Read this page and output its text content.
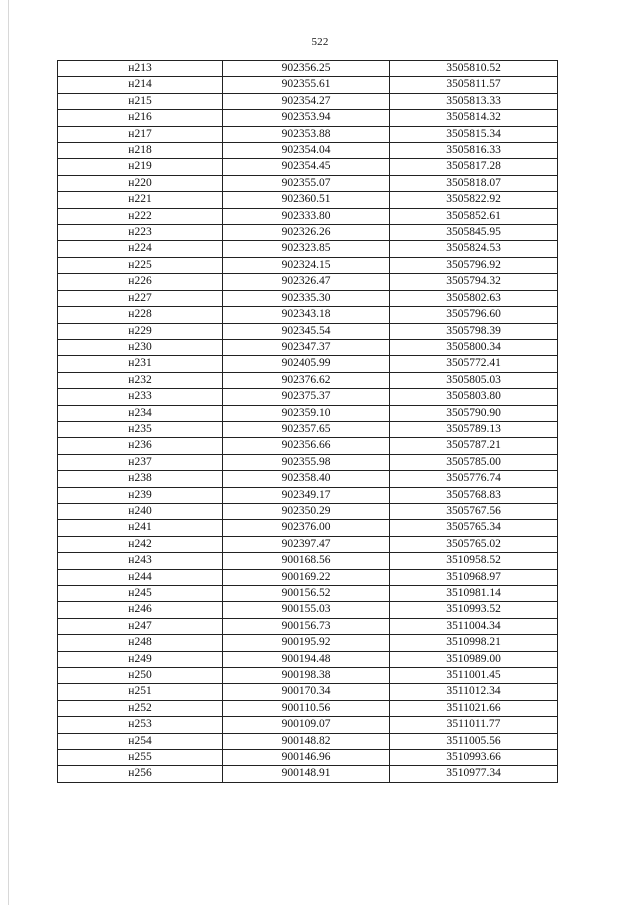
522
н213	902356.25	3505810.52
н214	902355.61	3505811.57
н215	902354.27	3505813.33
н216	902353.94	3505814.32
н217	902353.88	3505815.34
н218	902354.04	3505816.33
н219	902354.45	3505817.28
н220	902355.07	3505818.07
н221	902360.51	3505822.92
н222	902333.80	3505852.61
н223	902326.26	3505845.95
н224	902323.85	3505824.53
н225	902324.15	3505796.92
н226	902326.47	3505794.32
н227	902335.30	3505802.63
н228	902343.18	3505796.60
н229	902345.54	3505798.39
н230	902347.37	3505800.34
н231	902405.99	3505772.41
н232	902376.62	3505805.03
н233	902375.37	3505803.80
н234	902359.10	3505790.90
н235	902357.65	3505789.13
н236	902356.66	3505787.21
н237	902355.98	3505785.00
н238	902358.40	3505776.74
н239	902349.17	3505768.83
н240	902350.29	3505767.56
н241	902376.00	3505765.34
н242	902397.47	3505765.02
н243	900168.56	3510958.52
н244	900169.22	3510968.97
н245	900156.52	3510981.14
н246	900155.03	3510993.52
н247	900156.73	3511004.34
н248	900195.92	3510998.21
н249	900194.48	3510989.00
н250	900198.38	3511001.45
н251	900170.34	3511012.34
н252	900110.56	3511021.66
н253	900109.07	3511011.77
н254	900148.82	3511005.56
н255	900146.96	3510993.66
н256	900148.91	3510977.34
